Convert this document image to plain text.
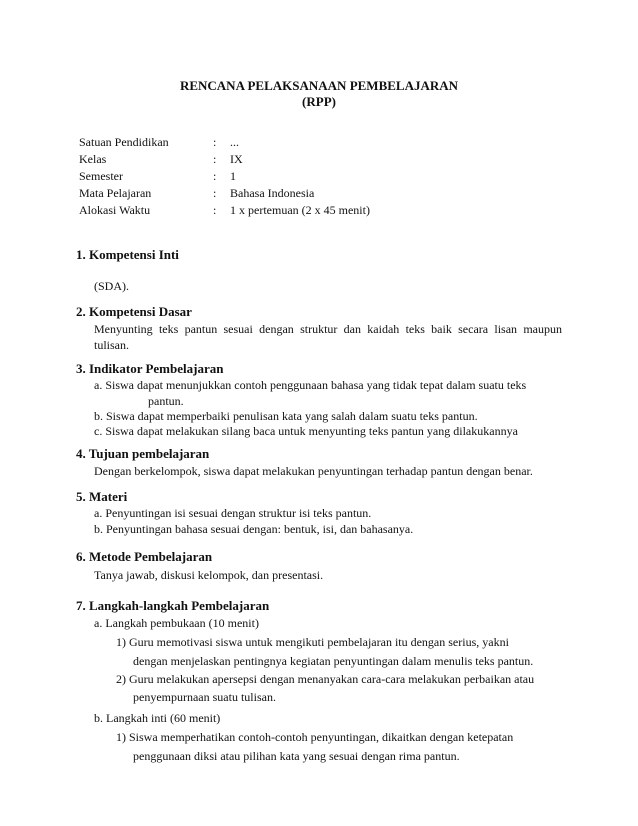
RENCANA PELAKSANAAN PEMBELAJARAN
(RPP)
Satuan Pendidikan	: ...
Kelas	: IX
Semester	: 1
Mata Pelajaran	: Bahasa Indonesia
Alokasi Waktu	: 1 x pertemuan (2 x 45 menit)
1. Kompetensi Inti
(SDA).
2. Kompetensi Dasar
Menyunting teks pantun sesuai dengan struktur dan kaidah teks baik secara lisan maupun
tulisan.
3. Indikator Pembelajaran
a. Siswa dapat menunjukkan contoh penggunaan bahasa yang tidak tepat dalam suatu teks
pantun.
b. Siswa dapat memperbaiki penulisan kata yang salah dalam suatu teks pantun.
c. Siswa dapat melakukan silang baca untuk menyunting teks pantun yang dilakukannya
4. Tujuan pembelajaran
Dengan berkelompok, siswa dapat melakukan penyuntingan terhadap pantun dengan benar.
5. Materi
a. Penyuntingan isi sesuai dengan struktur isi teks pantun.
b. Penyuntingan bahasa sesuai dengan: bentuk, isi, dan bahasanya.
6. Metode Pembelajaran
Tanya jawab, diskusi kelompok, dan presentasi.
7. Langkah-langkah Pembelajaran
a. Langkah pembukaan (10 menit)
1) Guru memotivasi siswa untuk mengikuti pembelajaran itu dengan serius, yakni
dengan menjelaskan pentingnya kegiatan penyuntingan dalam menulis teks pantun.
2) Guru melakukan apersepsi dengan menanyakan cara-cara melakukan perbaikan atau
penyempurnaan suatu tulisan.
b. Langkah inti (60 menit)
1) Siswa memperhatikan contoh-contoh penyuntingan, dikaitkan dengan ketepatan
penggunaan diksi atau pilihan kata yang sesuai dengan rima pantun.
